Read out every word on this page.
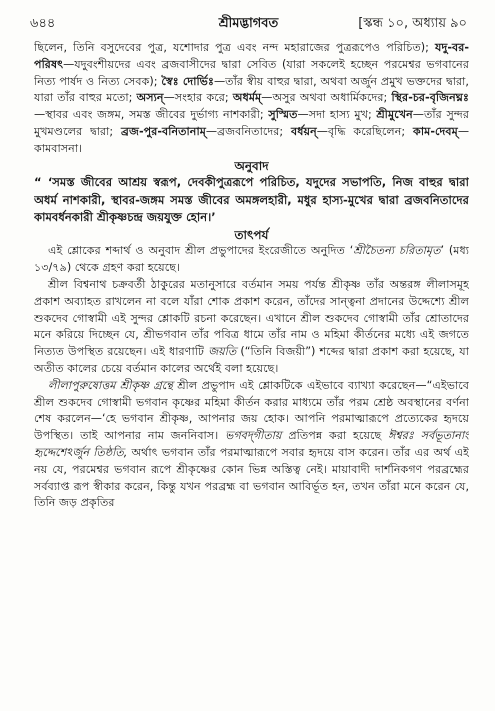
৬৪৪	শ্রীমদ্ভাগবত	[স্কন্ধ ১০, অধ্যায় ৯০

ছিলেন, তিনি বসুদেবের পুত্র, যশোদার পুত্র এবং নন্দ মহারাজের পুত্ররূপেও পরিচিত); যদু-বর-পরিষৎ—যদুবংশীয়দের এবং ব্রজবাসীদের দ্বারা সেবিত (যারা সকলেই হচ্ছেন পরমেশ্বর ভগবানের নিত্য পার্ষদ ও নিত্য সেবক); স্বৈঃ দোর্ভিঃ—তাঁর স্বীয় বাহুর দ্বারা, অথবা অর্জুন প্রমুখ ভক্তদের দ্বারা, যারা তাঁর বাহুর মতো; অস্যন্—সংহার করে; অধর্মম্—অসুর অথবা অধার্মিকদের; স্থির-চর-বৃজিনঘ্নঃ—স্থাবর এবং জঙ্গম, সমস্ত জীবের দুর্ভাগ্য নাশকারী; সুস্মিত—সদা হাস্য মুখ; শ্রীমুখেন—তাঁর সুন্দর মুখমণ্ডলের দ্বারা; ব্রজ-পুর-বনিতানাম্—ব্রজবনিতাদের; বর্ধয়ন্—বৃদ্ধি করেছিলেন; কাম-দেবম্—কামবাসনা।

অনুবাদ

“ ‘সমস্ত জীবের আশ্রয় স্বরূপ, দেবকীপুত্ররূপে পরিচিত, যদুদের সভাপতি, নিজ বাহুর দ্বারা অধর্ম নাশকারী, স্থাবর-জঙ্গম সমস্ত জীবের অমঙ্গলহারী, মধুর হাস্য-মুখের দ্বারা ব্রজবনিতাদের কামবর্ধনকারী শ্রীকৃষ্ণচন্দ্র জয়যুক্ত হোন।’

তাৎপর্য

এই শ্লোকের শব্দার্থ ও অনুবাদ শ্রীল প্রভুপাদের ইংরেজীতে অনুদিত ‘শ্রীচৈতন্য চরিতামৃত’ (মধ্য ১৩/৭৯) থেকে গ্রহণ করা হয়েছে।

শ্রীল বিশ্বনাথ চক্রবর্তী ঠাকুরের মতানুসারে বর্তমান সময় পর্যন্ত শ্রীকৃষ্ণ তাঁর অন্তরঙ্গ লীলাসমূহ প্রকাশ অব্যাহত রাখলেন না বলে যাঁরা শোক প্রকাশ করেন, তাঁদের সান্ত্বনা প্রদানের উদ্দেশ্যে শ্রীল শুকদেব গোস্বামী এই সুন্দর শ্লোকটি রচনা করেছেন। এখানে শ্রীল শুকদেব গোস্বামী তাঁর শ্রোতাদের মনে করিয়ে দিচ্ছেন যে, শ্রীভগবান তাঁর পবিত্র ধামে তাঁর নাম ও মহিমা কীর্তনের মধ্যে এই জগতে নিত্যত উপস্থিত রয়েছেন। এই ধারণাটি জয়তি (“তিনি বিজয়ী”) শব্দের দ্বারা প্রকাশ করা হয়েছে, যা অতীত কালের চেয়ে বর্তমান কালের অর্থেই বলা হয়েছে।

লীলাপুরুষোত্তম শ্রীকৃষ্ণ গ্রন্থে শ্রীল প্রভুপাদ এই শ্লোকটিকে এইভাবে ব্যাখ্যা করেছেন—“এইভাবে শ্রীল শুকদেব গোস্বামী ভগবান কৃষ্ণের মহিমা কীর্তন করার মাধ্যমে তাঁর পরম শ্রেষ্ঠ অবস্থানের বর্ণনা শেষ করলেন—‘হে ভগবান শ্রীকৃষ্ণ, আপনার জয় হোক। আপনি পরমাত্মারূপে প্রত্যেকের হৃদয়ে উপস্থিত। তাই আপনার নাম জননিবাস। ভগবদ্‌গীতায় প্রতিপন্ন করা হয়েছে ঈশ্বরঃ সর্বভূতানাং হৃদ্দেশেঽর্জুন তিষ্ঠতি, অর্থাৎ ভগবান তাঁর পরমাত্মারূপে সবার হৃদয়ে বাস করেন। তাঁর এর অর্থ এই নয় যে, পরমেশ্বর ভগবান রূপে শ্রীকৃষ্ণের কোন ভিন্ন অস্তিত্ব নেই। মায়াবাদী দার্শনিকগণ পরব্রহ্মের সর্বব্যাপ্ত রূপ স্বীকার করেন, কিন্তু যখন পরব্রহ্ম বা ভগবান আবির্ভূত হন, তখন তাঁরা মনে করেন যে, তিনি জড় প্রকৃতির
